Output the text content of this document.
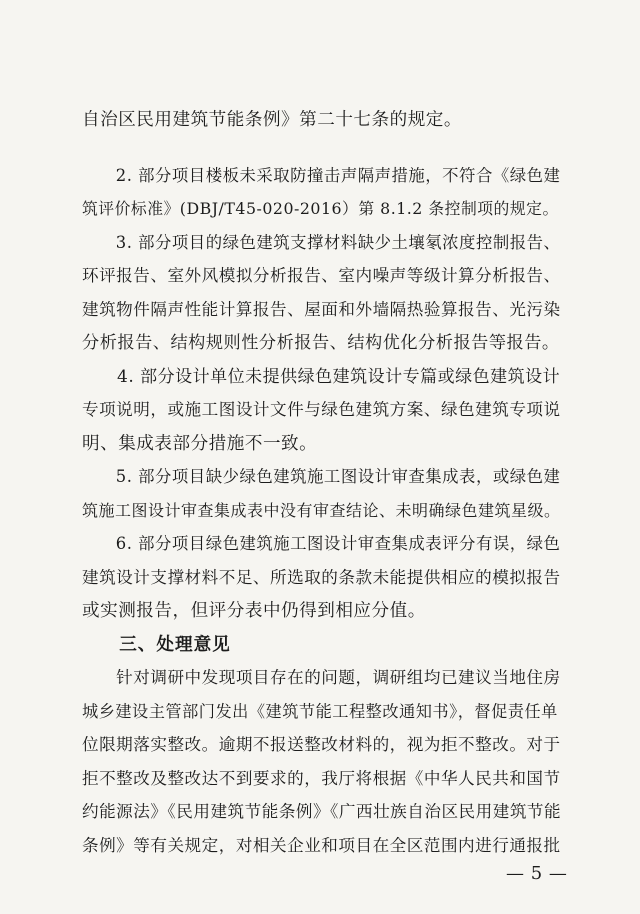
自治区民用建筑节能条例》第二十七条的规定。
　　2. 部分项目楼板未采取防撞击声隔声措施，不符合《绿色建
筑评价标准》(DBJ/T45-020-2016）第 8.1.2 条控制项的规定。
　　3. 部分项目的绿色建筑支撑材料缺少土壤氡浓度控制报告、
环评报告、室外风模拟分析报告、室内噪声等级计算分析报告、
建筑物件隔声性能计算报告、屋面和外墙隔热验算报告、光污染
分析报告、结构规则性分析报告、结构优化分析报告等报告。
　　4. 部分设计单位未提供绿色建筑设计专篇或绿色建筑设计
专项说明，或施工图设计文件与绿色建筑方案、绿色建筑专项说
明、集成表部分措施不一致。
　　5. 部分项目缺少绿色建筑施工图设计审查集成表，或绿色建
筑施工图设计审查集成表中没有审查结论、未明确绿色建筑星级。
　　6. 部分项目绿色建筑施工图设计审查集成表评分有误，绿色
建筑设计支撑材料不足、所选取的条款未能提供相应的模拟报告
或实测报告，但评分表中仍得到相应分值。
　　三、处理意见
　　针对调研中发现项目存在的问题，调研组均已建议当地住房
城乡建设主管部门发出《建筑节能工程整改通知书》，督促责任单
位限期落实整改。逾期不报送整改材料的，视为拒不整改。对于
拒不整改及整改达不到要求的，我厅将根据《中华人民共和国节
约能源法》《民用建筑节能条例》《广西壮族自治区民用建筑节能
条例》等有关规定，对相关企业和项目在全区范围内进行通报批
— 5 —
